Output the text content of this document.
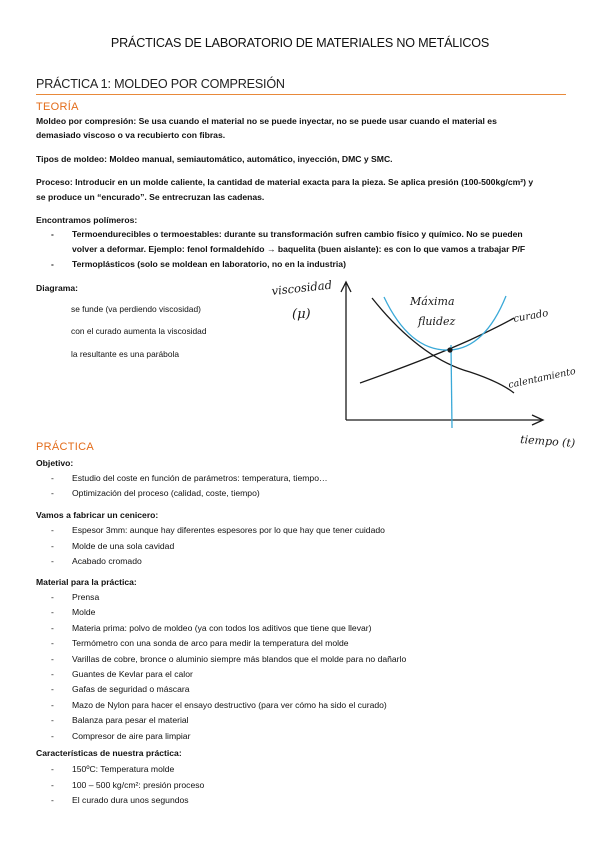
PRÁCTICAS DE LABORATORIO DE MATERIALES NO METÁLICOS
PRÁCTICA 1: MOLDEO POR COMPRESIÓN
TEORÍA
Moldeo por compresión: Se usa cuando el material no se puede inyectar, no se puede usar cuando el material es
demasiado viscoso o va recubierto con fibras.
Tipos de moldeo: Moldeo manual, semiautomático, automático, inyección, DMC y SMC.
Proceso: Introducir en un molde caliente, la cantidad de material exacta para la pieza. Se aplica presión (100-500kg/cm²) y
se produce un “encurado”. Se entrecruzan las cadenas.
Encontramos polímeros:
- Termoendurecibles o termoestables: durante su transformación sufren cambio físico y químico. No se pueden
volver a deformar. Ejemplo: fenol formaldehído → baquelita (buen aislante): es con lo que vamos a trabajar P/F
- Termoplásticos (solo se moldean en laboratorio, no en la industria)
Diagrama:
se funde (va perdiendo viscosidad)
con el curado aumenta la viscosidad
la resultante es una parábola
viscosidad
(μ)
Máxima
fluidez	curado
calentamiento
tiempo (t)
PRÁCTICA
Objetivo:
- Estudio del coste en función de parámetros: temperatura, tiempo…
- Optimización del proceso (calidad, coste, tiempo)
Vamos a fabricar un cenicero:
- Espesor 3mm: aunque hay diferentes espesores por lo que hay que tener cuidado
- Molde de una sola cavidad
- Acabado cromado
Material para la práctica:
- Prensa
- Molde
- Materia prima: polvo de moldeo (ya con todos los aditivos que tiene que llevar)
- Termómetro con una sonda de arco para medir la temperatura del molde
- Varillas de cobre, bronce o aluminio siempre más blandos que el molde para no dañarlo
- Guantes de Kevlar para el calor
- Gafas de seguridad o máscara
- Mazo de Nylon para hacer el ensayo destructivo (para ver cómo ha sido el curado)
- Balanza para pesar el material
- Compresor de aire para limpiar
Características de nuestra práctica:
- 150ºC: Temperatura molde
- 100 – 500 kg/cm²: presión proceso
- El curado dura unos segundos
